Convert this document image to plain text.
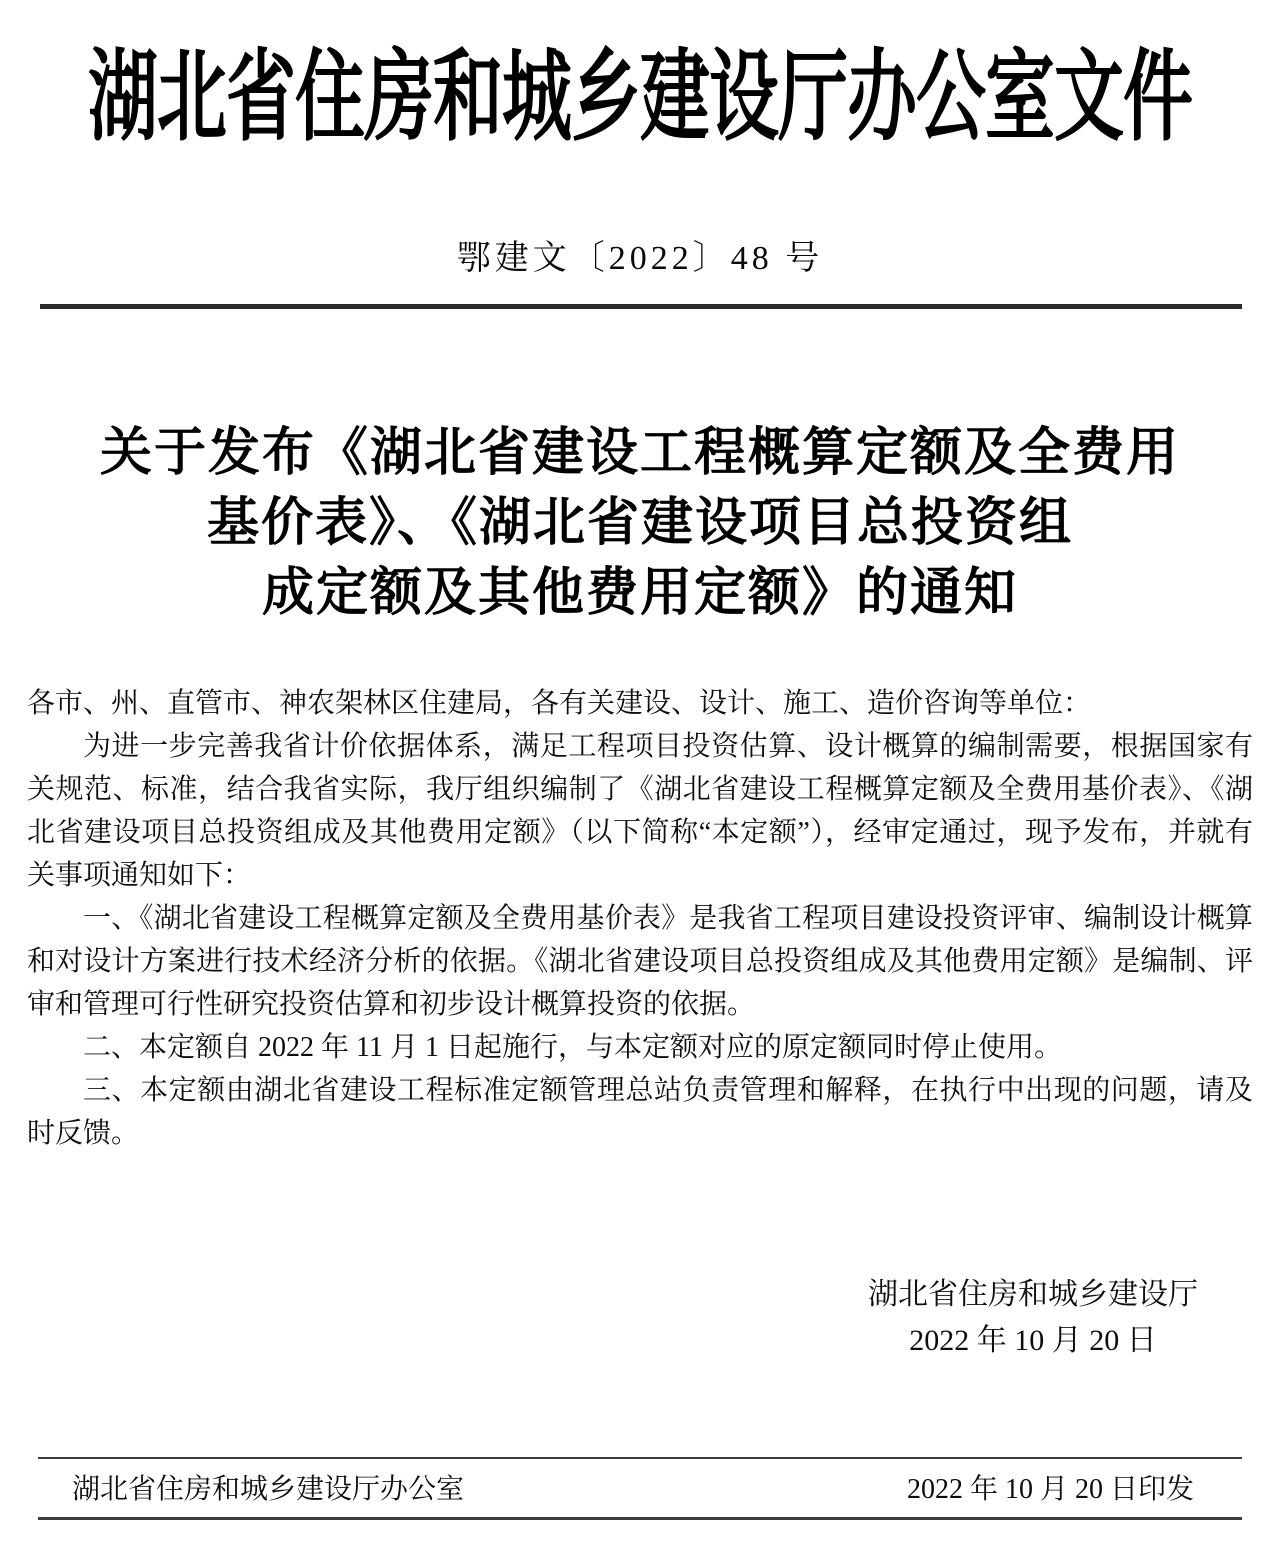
湖北省住房和城乡建设厅办公室文件
鄂建文〔2022〕48 号
关于发布《湖北省建设工程概算定额及全费用
基价表》、《湖北省建设项目总投资组
成定额及其他费用定额》的通知

各市、州、直管市、神农架林区住建局，各有关建设、设计、施工、造价咨询等单位：

为进一步完善我省计价依据体系，满足工程项目投资估算、设计概算的编制需要，根据国家有关规范、标准，结合我省实际，我厅组织编制了《湖北省建设工程概算定额及全费用基价表》、《湖北省建设项目总投资组成及其他费用定额》（以下简称“本定额”），经审定通过，现予发布，并就有关事项通知如下：

一、《湖北省建设工程概算定额及全费用基价表》是我省工程项目建设投资评审、编制设计概算和对设计方案进行技术经济分析的依据。《湖北省建设项目总投资组成及其他费用定额》是编制、评审和管理可行性研究投资估算和初步设计概算投资的依据。

二、本定额自 2022 年 11 月 1 日起施行，与本定额对应的原定额同时停止使用。

三、本定额由湖北省建设工程标准定额管理总站负责管理和解释，在执行中出现的问题，请及时反馈。

湖北省住房和城乡建设厅
2022 年 10 月 20 日
湖北省住房和城乡建设厅办公室	2022 年 10 月 20 日印发
